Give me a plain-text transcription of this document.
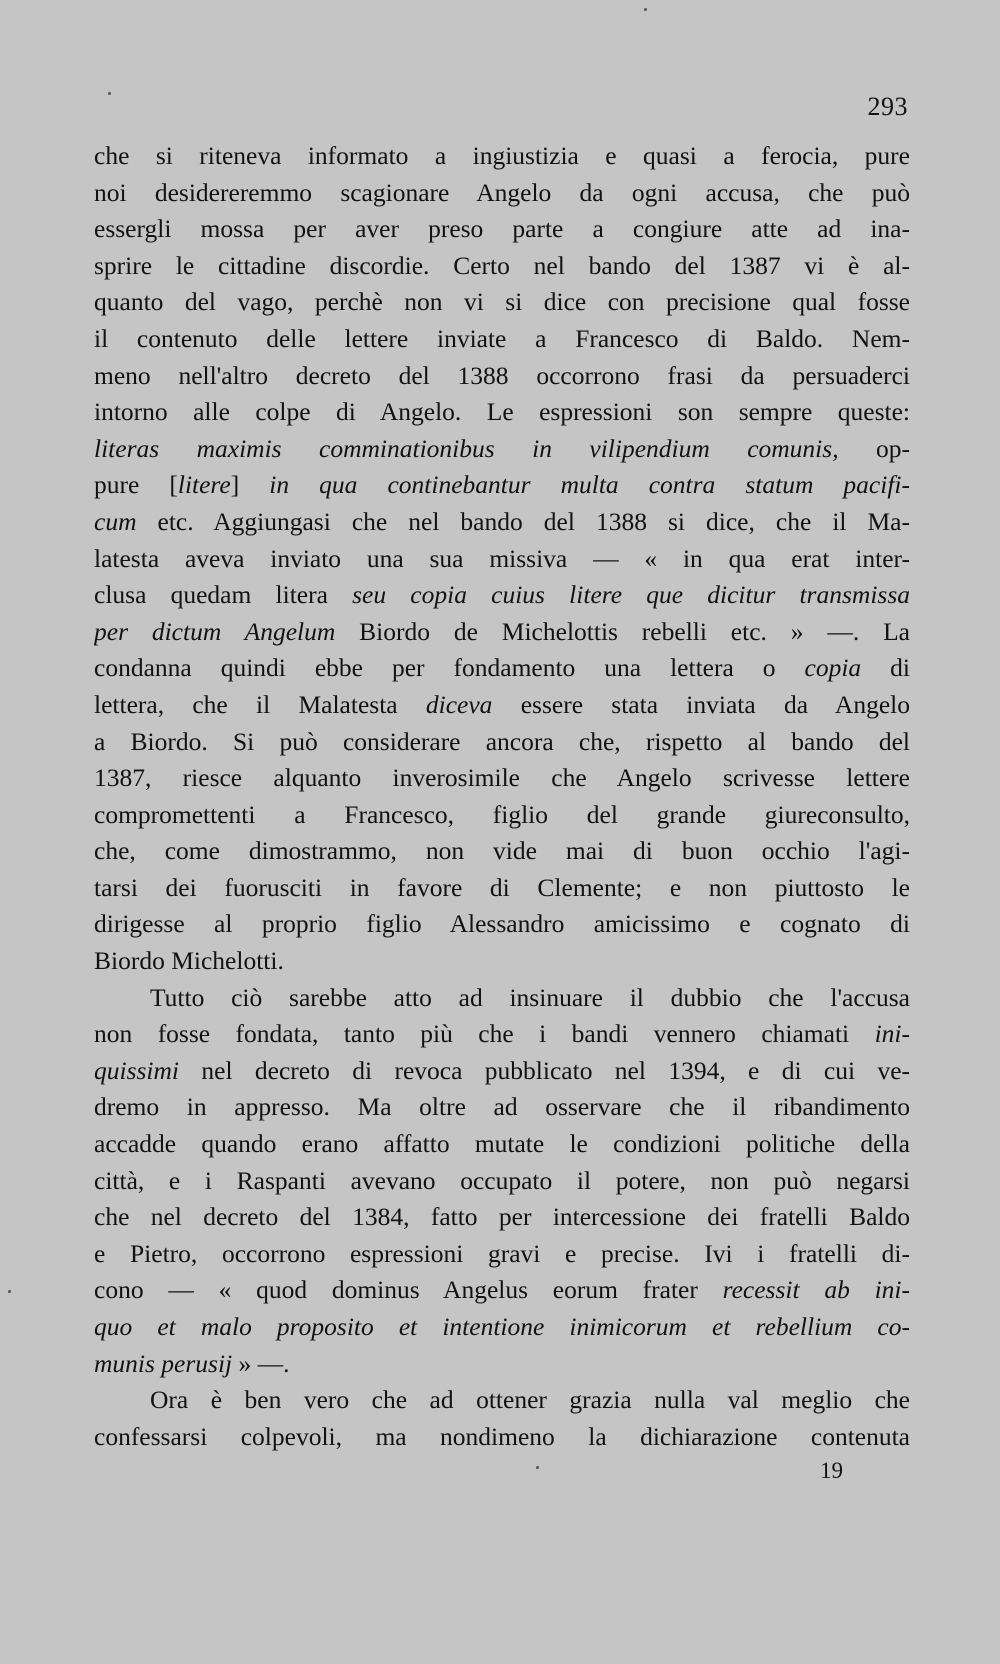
293
che si riteneva informato a ingiustizia e quasi a ferocia, pure
noi desidereremmo scagionare Angelo da ogni accusa, che può
essergli mossa per aver preso parte a congiure atte ad ina-
sprire le cittadine discordie. Certo nel bando del 1387 vi è al-
quanto del vago, perchè non vi si dice con precisione qual fosse
il contenuto delle lettere inviate a Francesco di Baldo. Nem-
meno nell'altro decreto del 1388 occorrono frasi da persuaderci
intorno alle colpe di Angelo. Le espressioni son sempre queste:
literas maximis comminationibus in vilipendium comunis, op-
pure [litere] in qua continebantur multa contra statum pacifi-
cum etc. Aggiungasi che nel bando del 1388 si dice, che il Ma-
latesta aveva inviato una sua missiva — « in qua erat inter-
clusa quedam litera seu copia cuius litere que dicitur transmissa
per dictum Angelum Biordo de Michelottis rebelli etc. » —. La
condanna quindi ebbe per fondamento una lettera o copia di
lettera, che il Malatesta diceva essere stata inviata da Angelo
a Biordo. Si può considerare ancora che, rispetto al bando del
1387, riesce alquanto inverosimile che Angelo scrivesse lettere
compromettenti a Francesco, figlio del grande giureconsulto,
che, come dimostrammo, non vide mai di buon occhio l'agi-
tarsi dei fuorusciti in favore di Clemente; e non piuttosto le
dirigesse al proprio figlio Alessandro amicissimo e cognato di
Biordo Michelotti.
Tutto ciò sarebbe atto ad insinuare il dubbio che l'accusa
non fosse fondata, tanto più che i bandi vennero chiamati ini-
quissimi nel decreto di revoca pubblicato nel 1394, e di cui ve-
dremo in appresso. Ma oltre ad osservare che il ribandimento
accadde quando erano affatto mutate le condizioni politiche della
città, e i Raspanti avevano occupato il potere, non può negarsi
che nel decreto del 1384, fatto per intercessione dei fratelli Baldo
e Pietro, occorrono espressioni gravi e precise. Ivi i fratelli di-
cono — « quod dominus Angelus eorum frater recessit ab ini-
quo et malo proposito et intentione inimicorum et rebellium co-
munis perusij » —.
Ora è ben vero che ad ottener grazia nulla val meglio che
confessarsi colpevoli, ma nondimeno la dichiarazione contenuta
19
